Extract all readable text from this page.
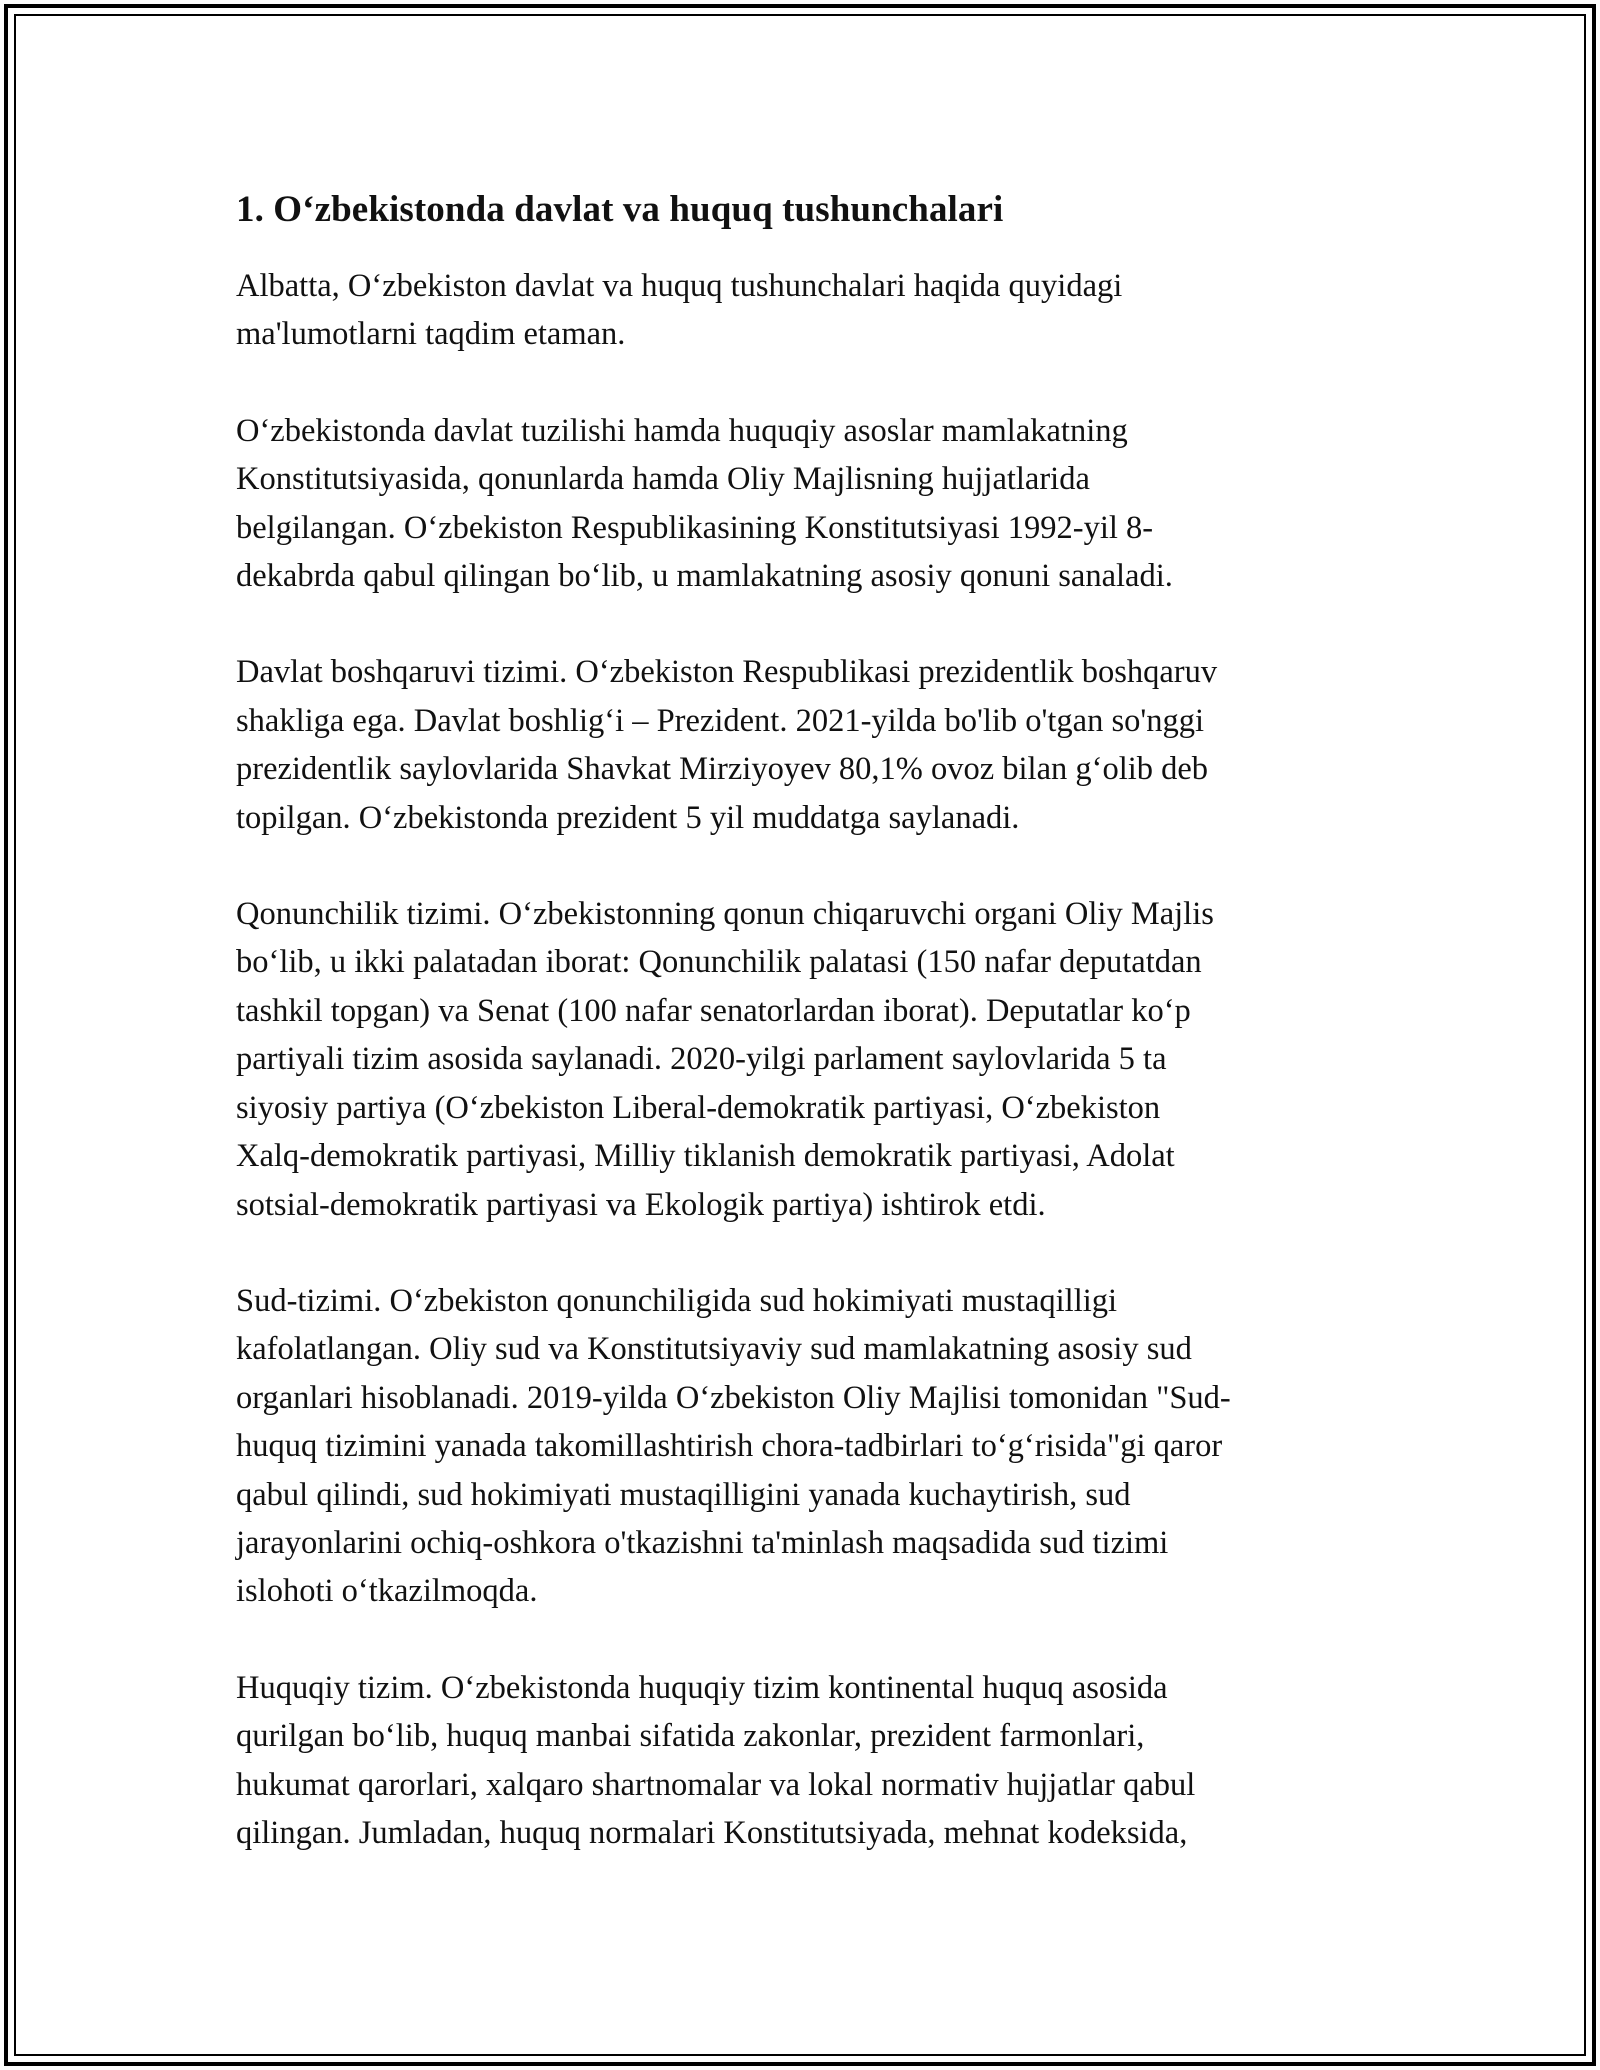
1. O‘zbekistonda davlat va huquq tushunchalari

Albatta, O‘zbekiston davlat va huquq tushunchalari haqida quyidagi
ma'lumotlarni taqdim etaman.

O‘zbekistonda davlat tuzilishi hamda huquqiy asoslar mamlakatning
Konstitutsiyasida, qonunlarda hamda Oliy Majlisning hujjatlarida
belgilangan. O‘zbekiston Respublikasining Konstitutsiyasi 1992-yil 8-
dekabrda qabul qilingan bo‘lib, u mamlakatning asosiy qonuni sanaladi.

Davlat boshqaruvi tizimi. O‘zbekiston Respublikasi prezidentlik boshqaruv
shakliga ega. Davlat boshlig‘i – Prezident. 2021-yilda bo'lib o'tgan so'nggi
prezidentlik saylovlarida Shavkat Mirziyoyev 80,1% ovoz bilan g‘olib deb
topilgan. O‘zbekistonda prezident 5 yil muddatga saylanadi.

Qonunchilik tizimi. O‘zbekistonning qonun chiqaruvchi organi Oliy Majlis
bo‘lib, u ikki palatadan iborat: Qonunchilik palatasi (150 nafar deputatdan
tashkil topgan) va Senat (100 nafar senatorlardan iborat). Deputatlar ko‘p
partiyali tizim asosida saylanadi. 2020-yilgi parlament saylovlarida 5 ta
siyosiy partiya (O‘zbekiston Liberal-demokratik partiyasi, O‘zbekiston
Xalq-demokratik partiyasi, Milliy tiklanish demokratik partiyasi, Adolat
sotsial-demokratik partiyasi va Ekologik partiya) ishtirok etdi.

Sud-tizimi. O‘zbekiston qonunchiligida sud hokimiyati mustaqilligi
kafolatlangan. Oliy sud va Konstitutsiyaviy sud mamlakatning asosiy sud
organlari hisoblanadi. 2019-yilda O‘zbekiston Oliy Majlisi tomonidan "Sud-
huquq tizimini yanada takomillashtirish chora-tadbirlari to‘g‘risida"gi qaror
qabul qilindi, sud hokimiyati mustaqilligini yanada kuchaytirish, sud
jarayonlarini ochiq-oshkora o'tkazishni ta'minlash maqsadida sud tizimi
islohoti o‘tkazilmoqda.

Huquqiy tizim. O‘zbekistonda huquqiy tizim kontinental huquq asosida
qurilgan bo‘lib, huquq manbai sifatida zakonlar, prezident farmonlari,
hukumat qarorlari, xalqaro shartnomalar va lokal normativ hujjatlar qabul
qilingan. Jumladan, huquq normalari Konstitutsiyada, mehnat kodeksida,
